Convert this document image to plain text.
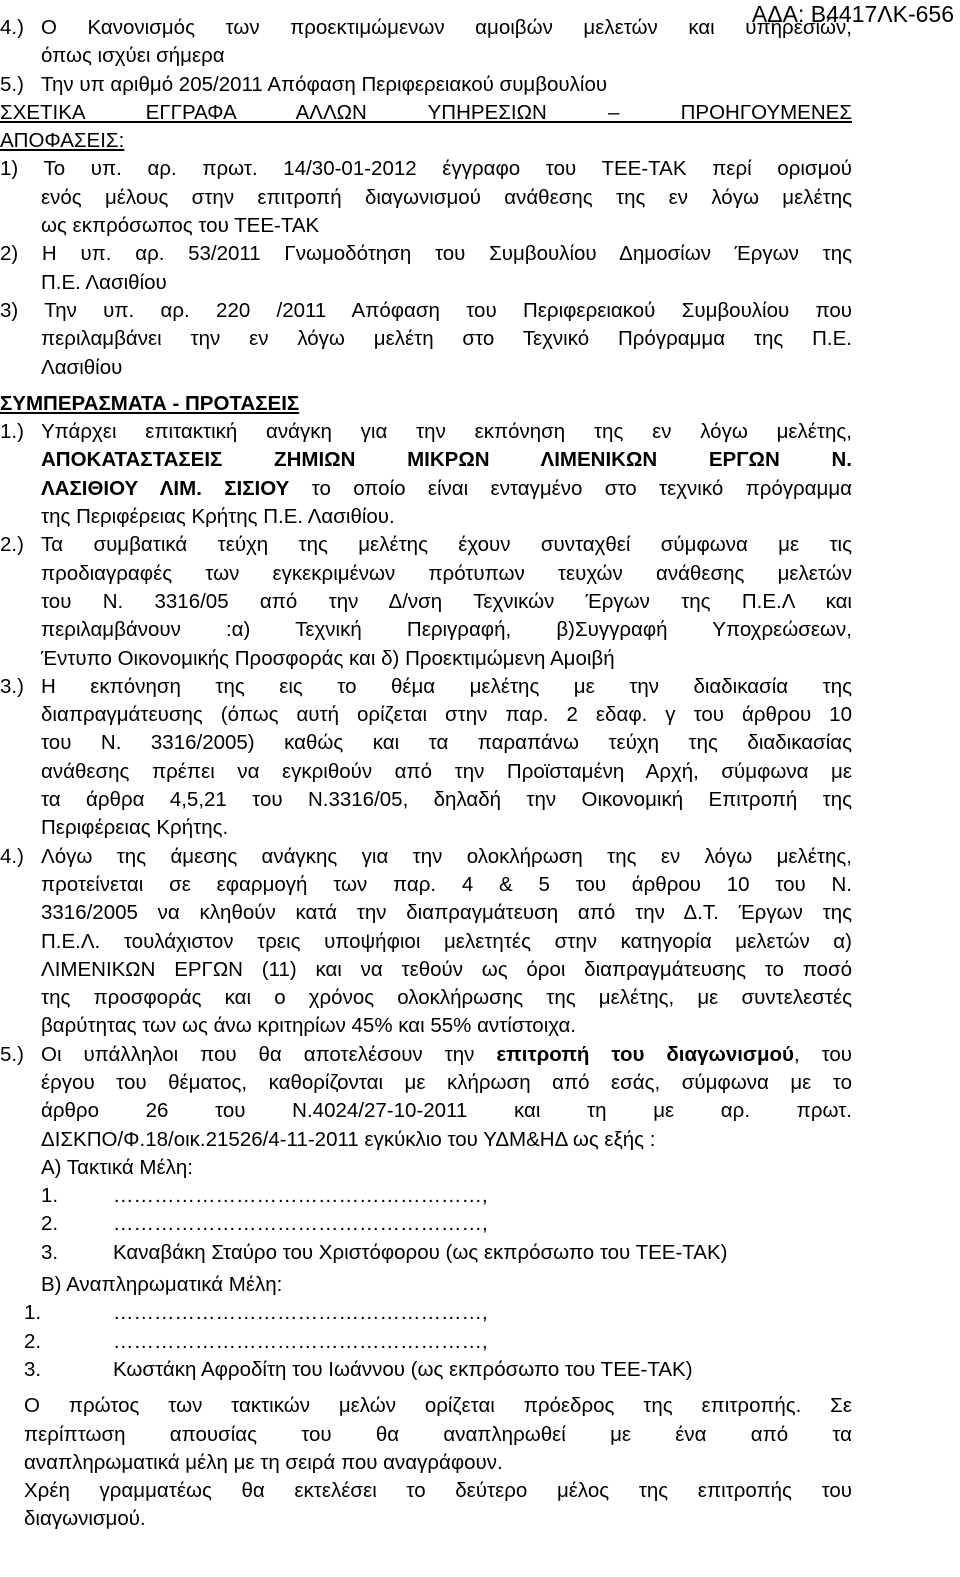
ΑΔΑ: Β4417ΛΚ-656
4.) Ο Κανονισμός των προεκτιμώμενων αμοιβών μελετών και υπηρεσιών,
όπως ισχύει σήμερα
5.) Την υπ αριθμό 205/2011 Απόφαση Περιφερειακού συμβουλίου
ΣΧΕΤΙΚΑ ΕΓΓΡΑΦΑ ΑΛΛΩΝ ΥΠΗΡΕΣΙΩΝ – ΠΡΟΗΓΟΥΜΕΝΕΣ
ΑΠΟΦΑΣΕΙΣ:
1) Το υπ. αρ. πρωτ. 14/30-01-2012 έγγραφο του ΤΕΕ-ΤΑΚ περί ορισμού
ενός μέλους στην επιτροπή διαγωνισμού ανάθεσης της εν λόγω μελέτης
ως εκπρόσωπος του ΤΕΕ-ΤΑΚ
2) Η υπ. αρ. 53/2011 Γνωμοδότηση του Συμβουλίου Δημοσίων Έργων της
Π.Ε. Λασιθίου
3) Την υπ. αρ. 220 /2011 Απόφαση του Περιφερειακού Συμβουλίου που
περιλαμβάνει την εν λόγω μελέτη στο Τεχνικό Πρόγραμμα της Π.Ε.
Λασιθίου
ΣΥΜΠΕΡΑΣΜΑΤΑ - ΠΡΟΤΑΣΕΙΣ
1.) Υπάρχει επιτακτική ανάγκη για την εκπόνηση της εν λόγω μελέτης,
ΑΠΟΚΑΤΑΣΤΑΣΕΙΣ ΖΗΜΙΩΝ ΜΙΚΡΩΝ ΛΙΜΕΝΙΚΩΝ ΕΡΓΩΝ Ν.
ΛΑΣΙΘΙΟΥ ΛΙΜ. ΣΙΣΙΟΥ το οποίο είναι ενταγμένο στο τεχνικό πρόγραμμα
της Περιφέρειας Κρήτης Π.Ε. Λασιθίου.
2.) Τα συμβατικά τεύχη της μελέτης έχουν συνταχθεί σύμφωνα με τις
προδιαγραφές των εγκεκριμένων πρότυπων τευχών ανάθεσης μελετών
του Ν. 3316/05 από την Δ/νση Τεχνικών Έργων της Π.Ε.Λ και
περιλαμβάνουν :α) Τεχνική Περιγραφή, β)Συγγραφή Υποχρεώσεων,
Έντυπο Οικονομικής Προσφοράς και δ) Προεκτιμώμενη Αμοιβή
3.) Η εκπόνηση της εις το θέμα μελέτης με την διαδικασία της
διαπραγμάτευσης (όπως αυτή ορίζεται στην παρ. 2 εδαφ. γ του άρθρου 10
του Ν. 3316/2005) καθώς και τα παραπάνω τεύχη της διαδικασίας
ανάθεσης πρέπει να εγκριθούν από την Προϊσταμένη Αρχή, σύμφωνα με
τα άρθρα 4,5,21 του Ν.3316/05, δηλαδή την Οικονομική Επιτροπή της
Περιφέρειας Κρήτης.
4.) Λόγω της άμεσης ανάγκης για την ολοκλήρωση της εν λόγω μελέτης,
προτείνεται σε εφαρμογή των παρ. 4 & 5 του άρθρου 10 του Ν.
3316/2005 να κληθούν κατά την διαπραγμάτευση από την Δ.Τ. Έργων της
Π.Ε.Λ. τουλάχιστον τρεις υποψήφιοι μελετητές στην κατηγορία μελετών α)
ΛΙΜΕΝΙΚΩΝ ΕΡΓΩΝ (11) και να τεθούν ως όροι διαπραγμάτευσης το ποσό
της προσφοράς και ο χρόνος ολοκλήρωσης της μελέτης, με συντελεστές
βαρύτητας των ως άνω κριτηρίων 45% και 55% αντίστοιχα.
5.) Οι υπάλληλοι που θα αποτελέσουν την επιτροπή του διαγωνισμού, του
έργου του θέματος, καθορίζονται με κλήρωση από εσάς, σύμφωνα με το
άρθρο 26 του Ν.4024/27-10-2011 και τη με αρ. πρωτ.
ΔΙΣΚΠΟ/Φ.18/οικ.21526/4-11-2011 εγκύκλιο του ΥΔΜ&ΗΔ ως εξής :
Α) Τακτικά Μέλη:
1.	………………………………………………,
2.	………………………………………………,
3.	Καναβάκη Σταύρο του Χριστόφορου (ως εκπρόσωπο του ΤΕΕ-ΤΑΚ)
Β) Αναπληρωματικά Μέλη:
1.	………………………………………………,
2.	………………………………………………,
3.	Κωστάκη Αφροδίτη του Ιωάννου (ως εκπρόσωπο του ΤΕΕ-ΤΑΚ)
Ο πρώτος των τακτικών μελών ορίζεται πρόεδρος της επιτροπής. Σε
περίπτωση απουσίας του θα αναπληρωθεί με ένα από τα
αναπληρωματικά μέλη με τη σειρά που αναγράφουν.
Χρέη γραμματέως θα εκτελέσει το δεύτερο μέλος της επιτροπής του
διαγωνισμού.
